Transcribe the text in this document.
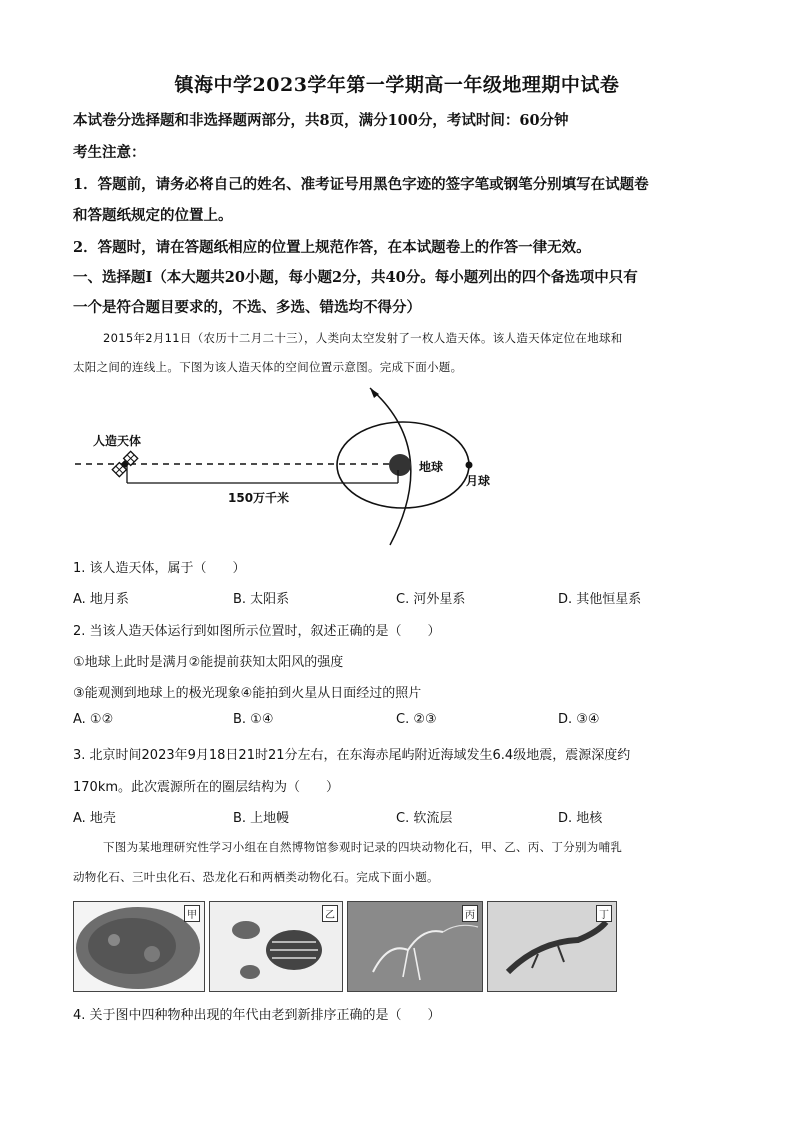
镇海中学2023学年第一学期高一年级地理期中试卷
本试卷分选择题和非选择题两部分，共8页，满分100分，考试时间：60分钟
考生注意：
1．答题前，请务必将自己的姓名、准考证号用黑色字迹的签字笔或钢笔分别填写在试题卷
和答题纸规定的位置上。
2．答题时，请在答题纸相应的位置上规范作答，在本试题卷上的作答一律无效。
一、选择题Ⅰ（本大题共20小题，每小题2分，共40分。每小题列出的四个备选项中只有
一个是符合题目要求的，不选、多选、错选均不得分）
2015年2月11日（农历十二月二十三），人类向太空发射了一枚人造天体。该人造天体定位在地球和
太阳之间的连线上。下图为该人造天体的空间位置示意图。完成下面小题。
人造天体
150万千米
地球
月球
1. 该人造天体，属于（　　）
A. 地月系	B. 太阳系	C. 河外星系	D. 其他恒星系
2. 当该人造天体运行到如图所示位置时，叙述正确的是（　　）
①地球上此时是满月②能提前获知太阳风的强度
③能观测到地球上的极光现象④能拍到火星从日面经过的照片
A. ①②	B. ①④	C. ②③	D. ③④
3. 北京时间2023年9月18日21时21分左右，在东海赤尾屿附近海域发生6.4级地震，震源深度约
170km。此次震源所在的圈层结构为（　　）
A. 地壳	B. 上地幔	C. 软流层	D. 地核
下图为某地理研究性学习小组在自然博物馆参观时记录的四块动物化石，甲、乙、丙、丁分别为哺乳
动物化石、三叶虫化石、恐龙化石和两栖类动物化石。完成下面小题。
甲	乙	丙	丁
4. 关于图中四种物种出现的年代由老到新排序正确的是（　　）
